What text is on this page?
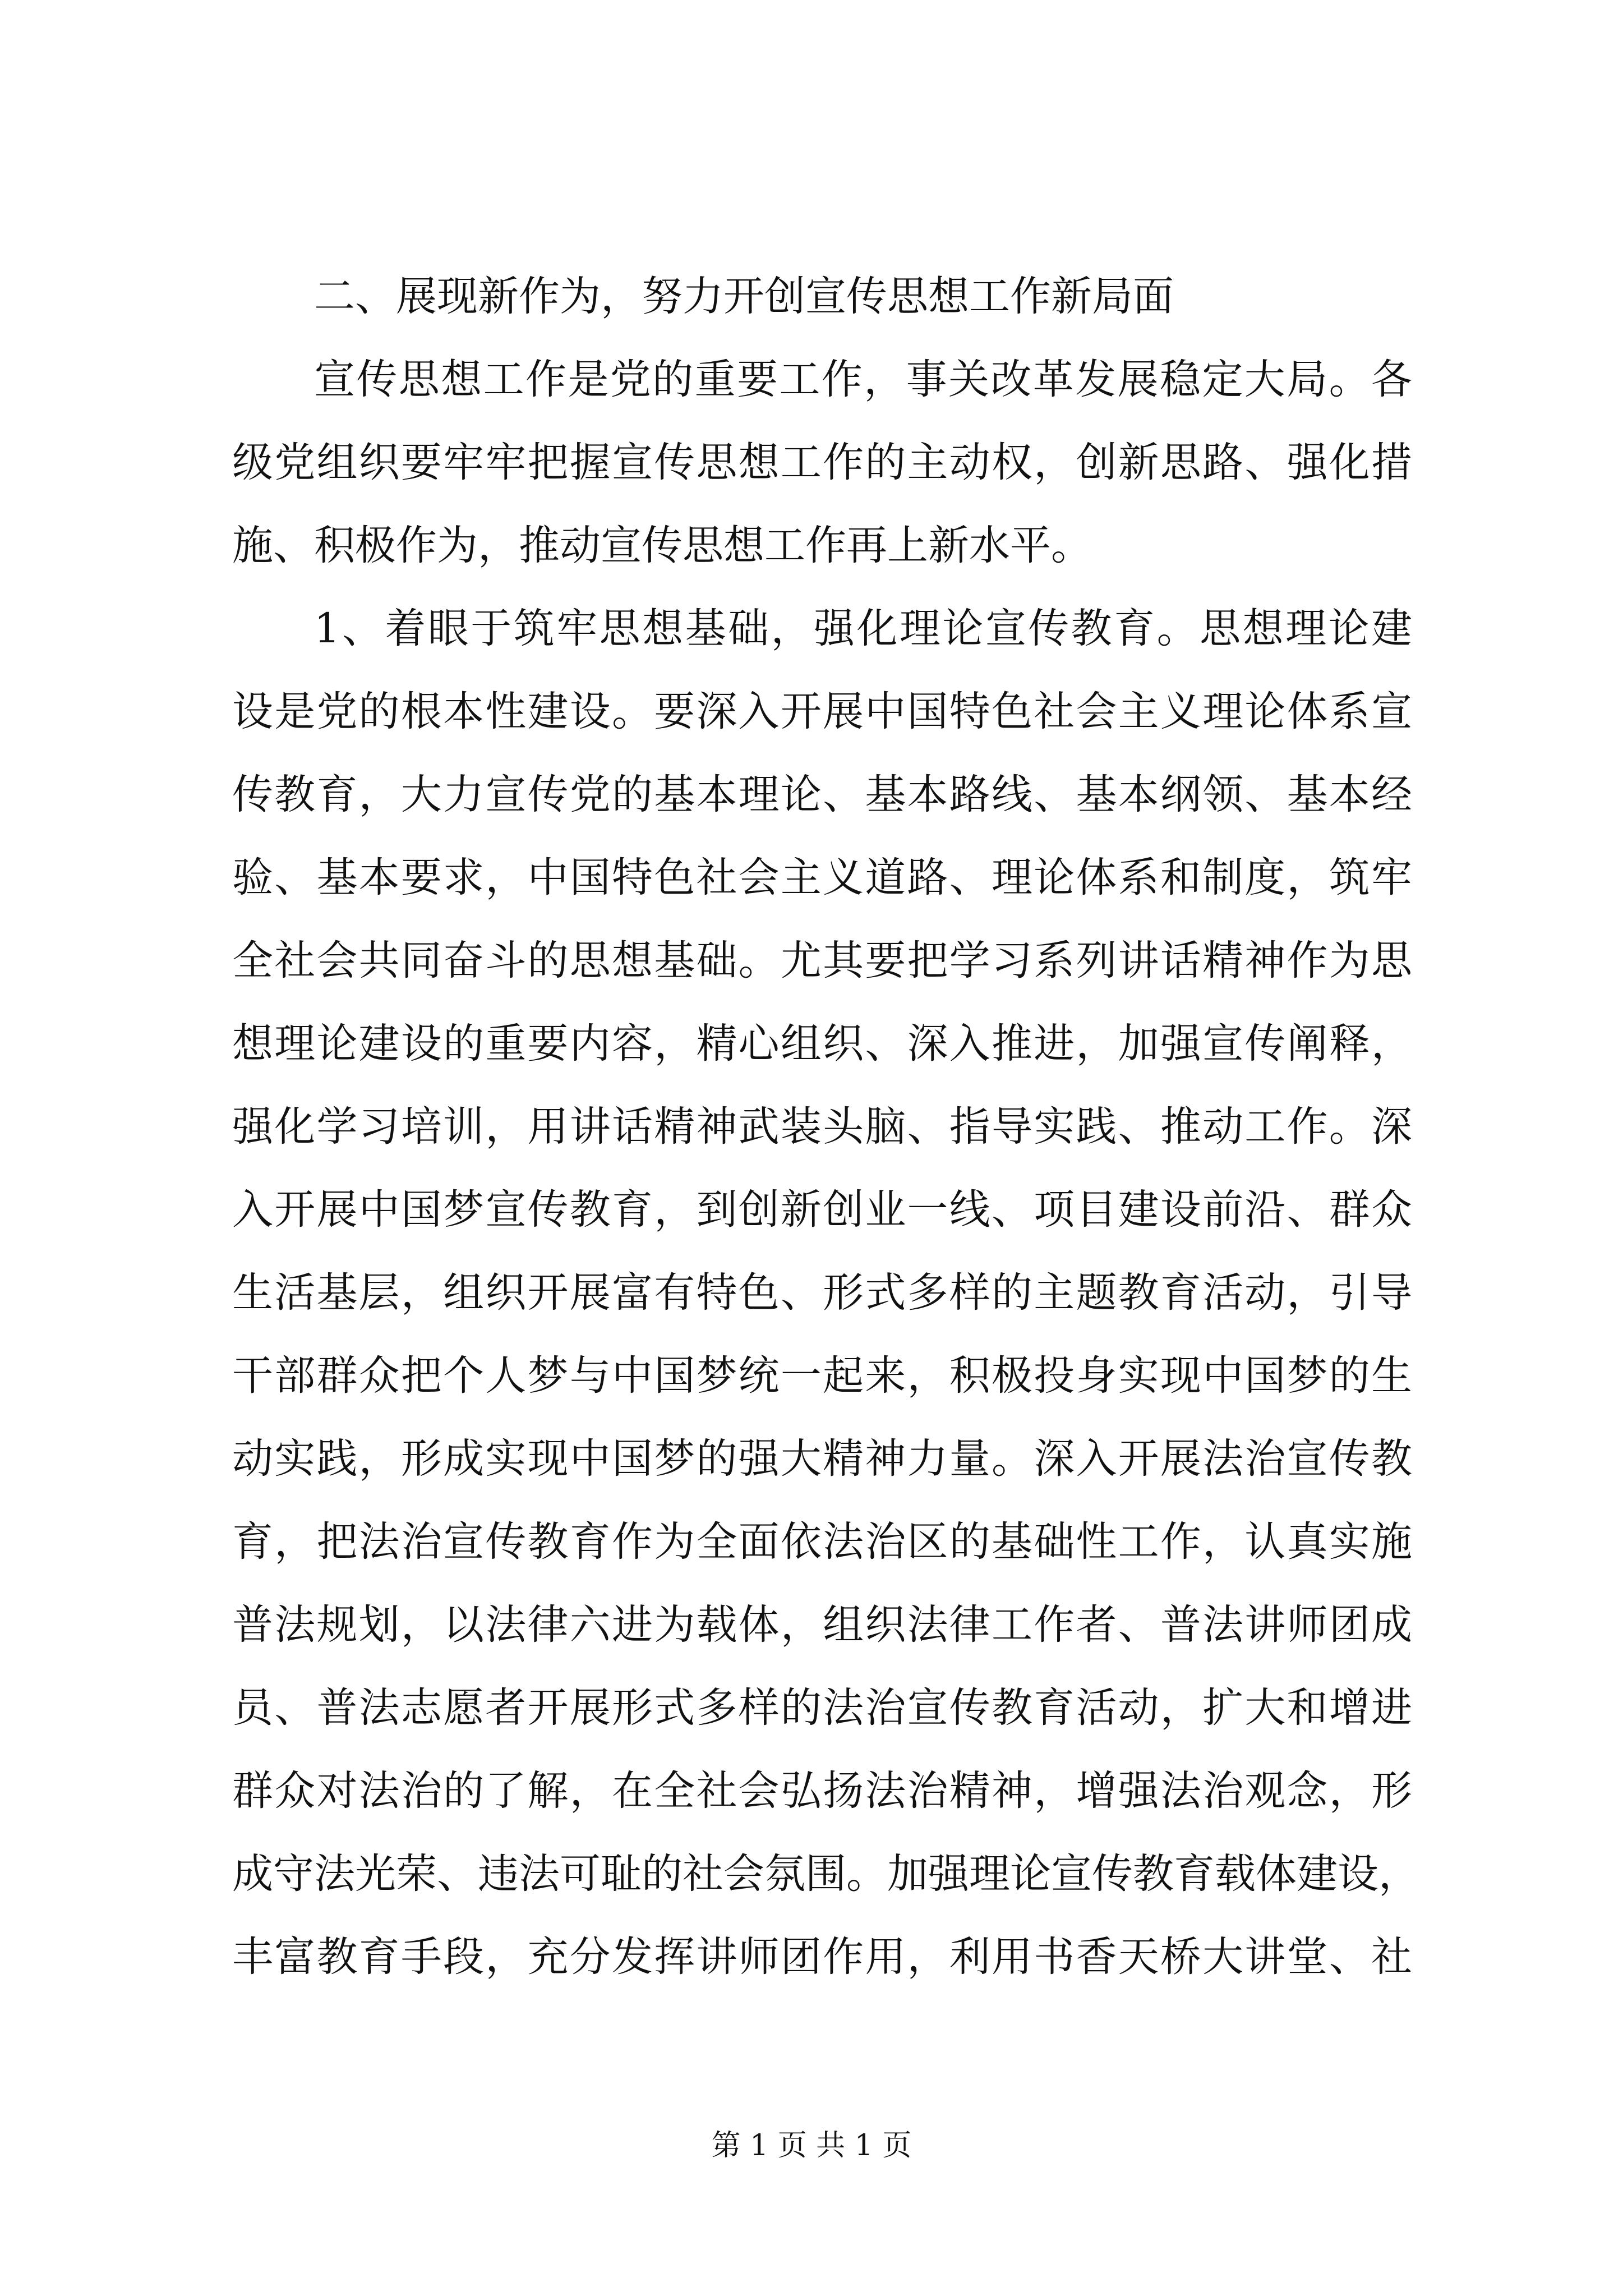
二、展现新作为，努力开创宣传思想工作新局面
宣传思想工作是党的重要工作，事关改革发展稳定大局。各
级党组织要牢牢把握宣传思想工作的主动权，创新思路、强化措
施、积极作为，推动宣传思想工作再上新水平。
1、着眼于筑牢思想基础，强化理论宣传教育。思想理论建
设是党的根本性建设。要深入开展中国特色社会主义理论体系宣
传教育，大力宣传党的基本理论、基本路线、基本纲领、基本经
验、基本要求，中国特色社会主义道路、理论体系和制度，筑牢
全社会共同奋斗的思想基础。尤其要把学习系列讲话精神作为思
想理论建设的重要内容，精心组织、深入推进，加强宣传阐释，
强化学习培训，用讲话精神武装头脑、指导实践、推动工作。深
入开展中国梦宣传教育，到创新创业一线、项目建设前沿、群众
生活基层，组织开展富有特色、形式多样的主题教育活动，引导
干部群众把个人梦与中国梦统一起来，积极投身实现中国梦的生
动实践，形成实现中国梦的强大精神力量。深入开展法治宣传教
育，把法治宣传教育作为全面依法治区的基础性工作，认真实施
普法规划，以法律六进为载体，组织法律工作者、普法讲师团成
员、普法志愿者开展形式多样的法治宣传教育活动，扩大和增进
群众对法治的了解，在全社会弘扬法治精神，增强法治观念，形
成守法光荣、违法可耻的社会氛围。加强理论宣传教育载体建设，
丰富教育手段，充分发挥讲师团作用，利用书香天桥大讲堂、社
第 1 页 共 1 页
